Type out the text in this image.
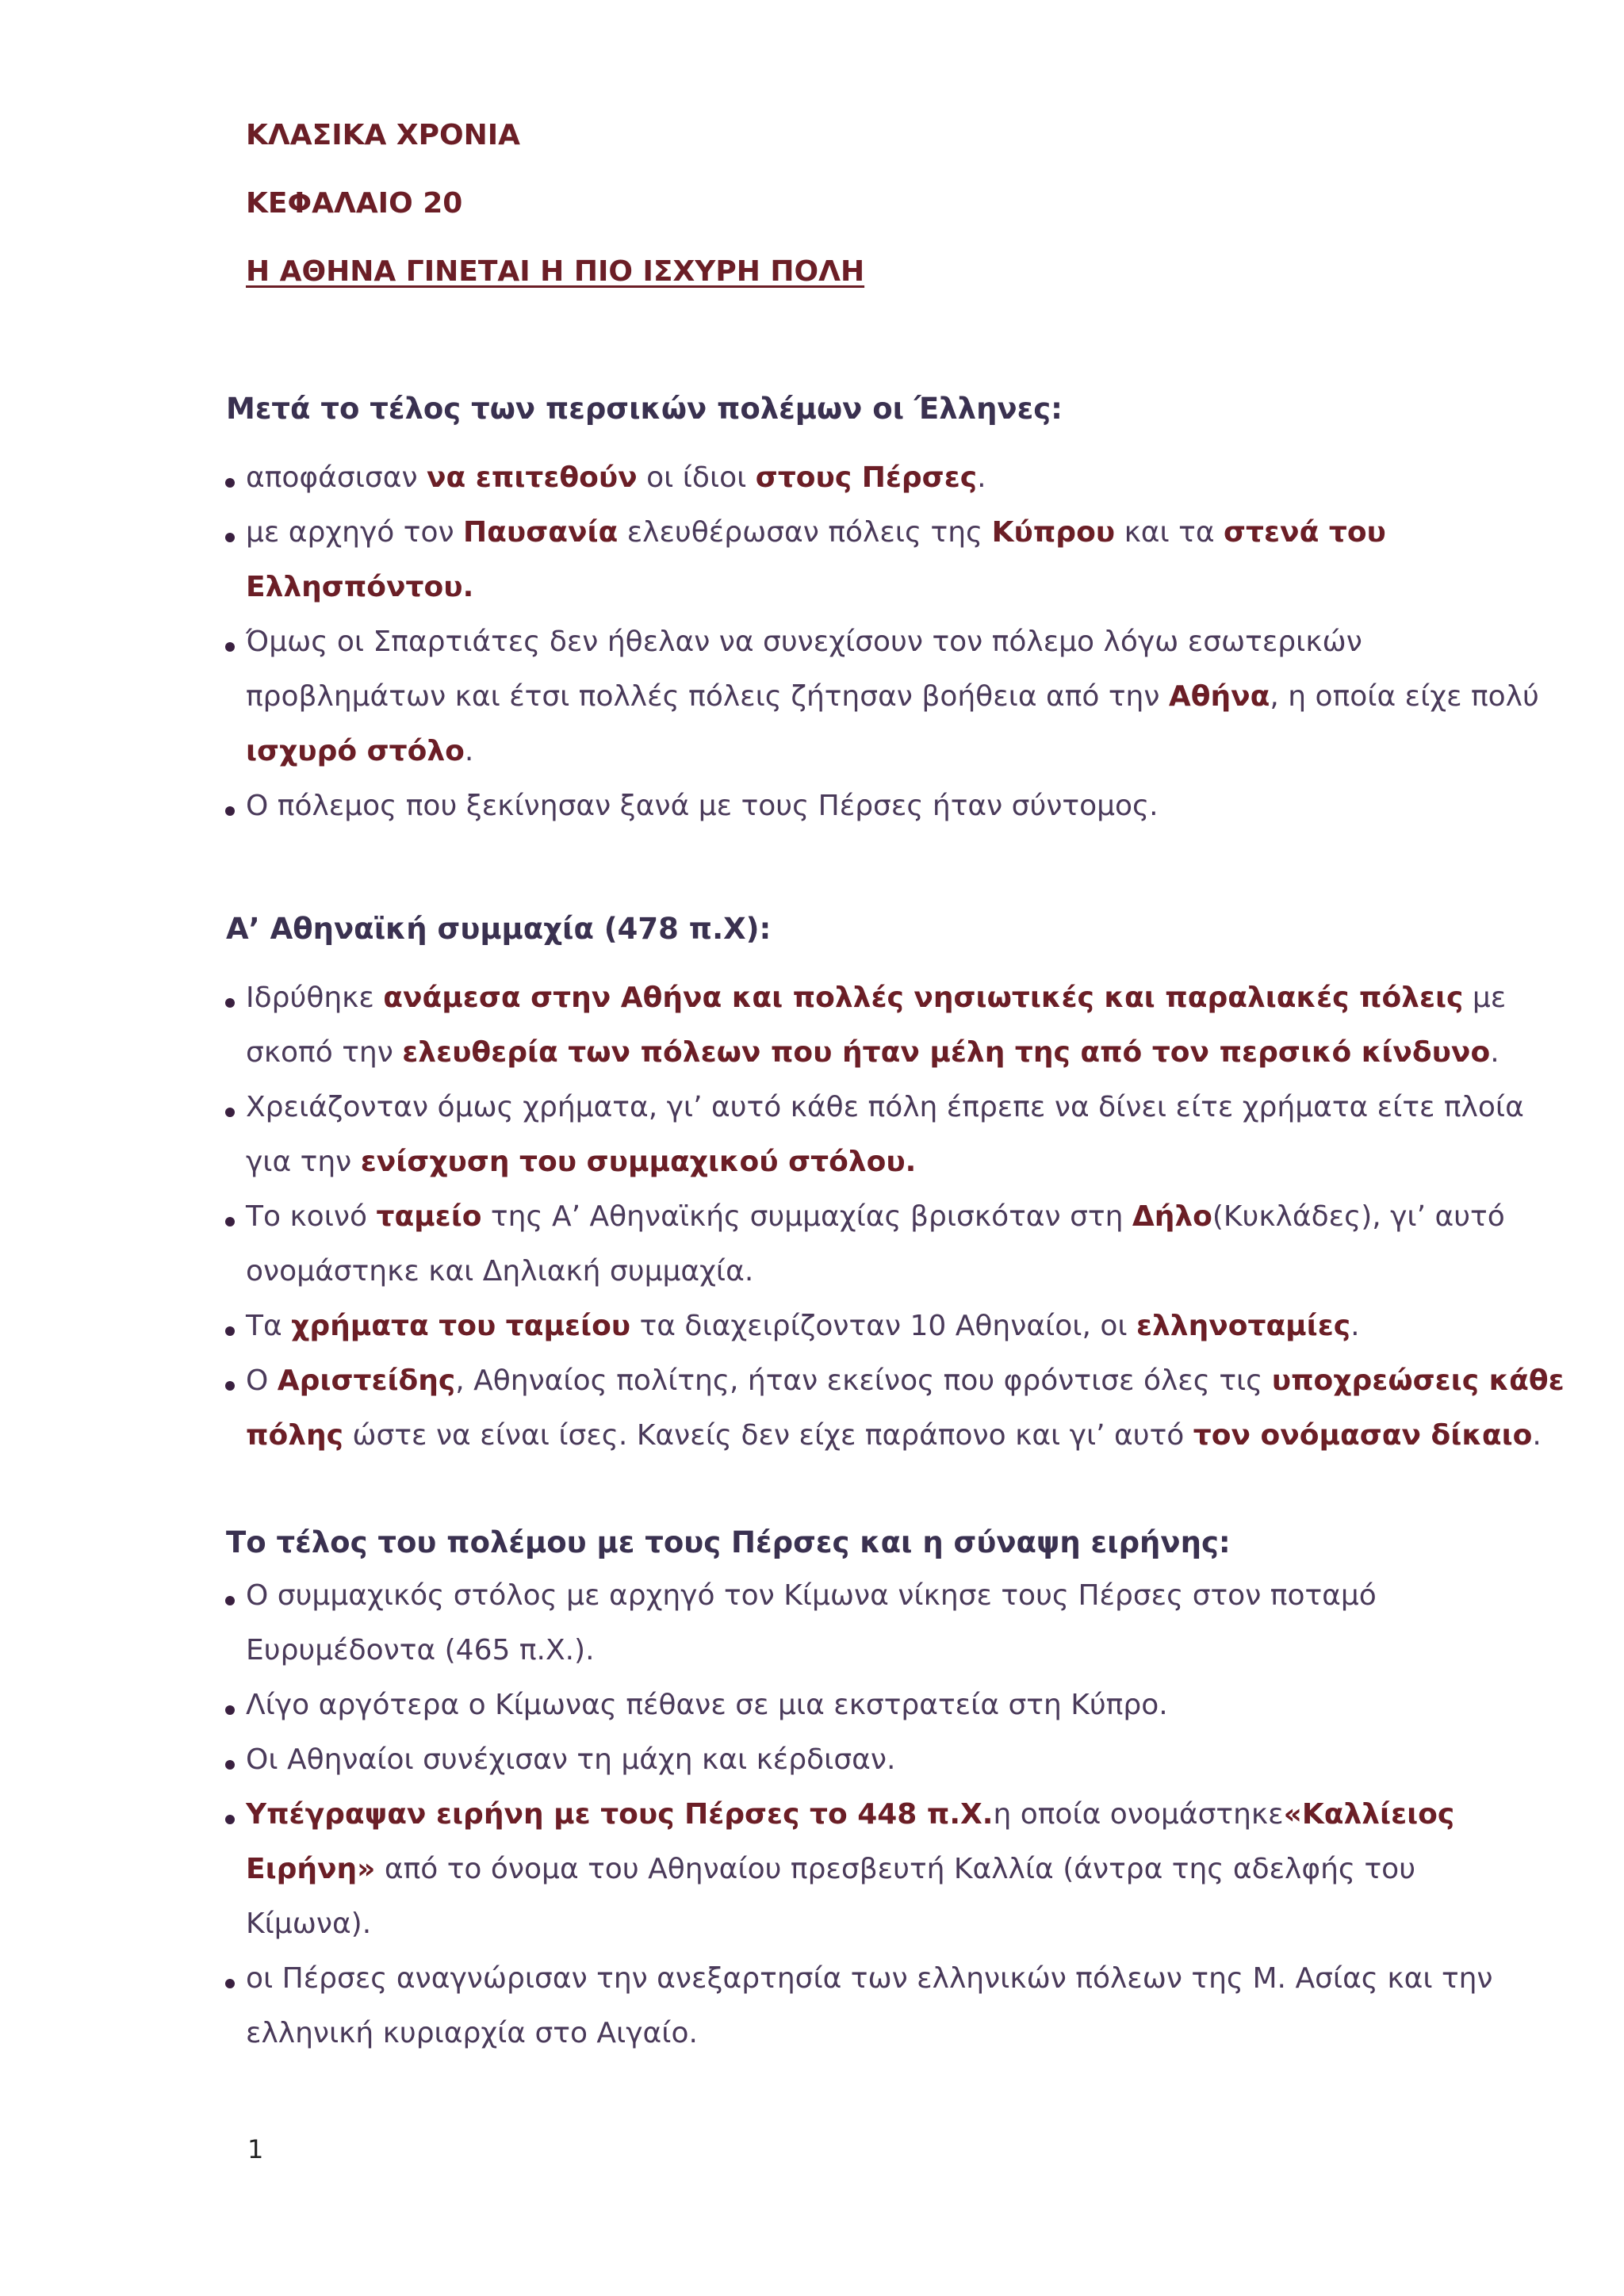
ΚΛΑΣΙΚΑ ΧΡΟΝΙΑ
ΚΕΦΑΛΑΙΟ 20
Η ΑΘΗΝΑ ΓΙΝΕΤΑΙ Η ΠΙΟ ΙΣΧΥΡΗ ΠΟΛΗ
Μετά το τέλος των περσικών πολέμων οι Έλληνες:
αποφάσισαν να επιτεθούν οι ίδιοι στους Πέρσες.
με αρχηγό τον Παυσανία ελευθέρωσαν πόλεις της Κύπρου και τα στενά του
Ελλησπόντου.
Όμως οι Σπαρτιάτες δεν ήθελαν να συνεχίσουν τον πόλεμο λόγω εσωτερικών
προβλημάτων και έτσι πολλές πόλεις ζήτησαν βοήθεια από την Αθήνα, η οποία είχε πολύ
ισχυρό στόλο.
Ο πόλεμος που ξεκίνησαν ξανά με τους Πέρσες ήταν σύντομος.
Α’ Αθηναϊκή συμμαχία (478 π.Χ):
Ιδρύθηκε ανάμεσα στην Αθήνα και πολλές νησιωτικές και παραλιακές πόλεις με
σκοπό την ελευθερία των πόλεων που ήταν μέλη της από τον περσικό κίνδυνο.
Χρειάζονταν όμως χρήματα, γι’ αυτό κάθε πόλη έπρεπε να δίνει είτε χρήματα είτε πλοία
για την ενίσχυση του συμμαχικού στόλου.
Το κοινό ταμείο της Α’ Αθηναϊκής συμμαχίας βρισκόταν στη Δήλο(Κυκλάδες), γι’ αυτό
ονομάστηκε και Δηλιακή συμμαχία.
Τα χρήματα του ταμείου τα διαχειρίζονταν 10 Αθηναίοι, οι ελληνοταμίες.
Ο Αριστείδης, Αθηναίος πολίτης, ήταν εκείνος που φρόντισε όλες τις υποχρεώσεις κάθε
πόλης ώστε να είναι ίσες. Κανείς δεν είχε παράπονο και γι’ αυτό τον ονόμασαν δίκαιο.
Το τέλος του πολέμου με τους Πέρσες και η σύναψη ειρήνης:
Ο συμμαχικός στόλος με αρχηγό τον Κίμωνα νίκησε τους Πέρσες στον ποταμό
Ευρυμέδοντα (465 π.Χ.).
Λίγο αργότερα ο Κίμωνας πέθανε σε μια εκστρατεία στη Κύπρο.
Οι Αθηναίοι συνέχισαν τη μάχη και κέρδισαν.
Υπέγραψαν ειρήνη με τους Πέρσες το 448 π.Χ.η οποία ονομάστηκε«Καλλίειος
Ειρήνη» από το όνομα του Αθηναίου πρεσβευτή Καλλία (άντρα της αδελφής του
Κίμωνα).
οι Πέρσες αναγνώρισαν την ανεξαρτησία των ελληνικών πόλεων της Μ. Ασίας και την
ελληνική κυριαρχία στο Αιγαίο.
1
